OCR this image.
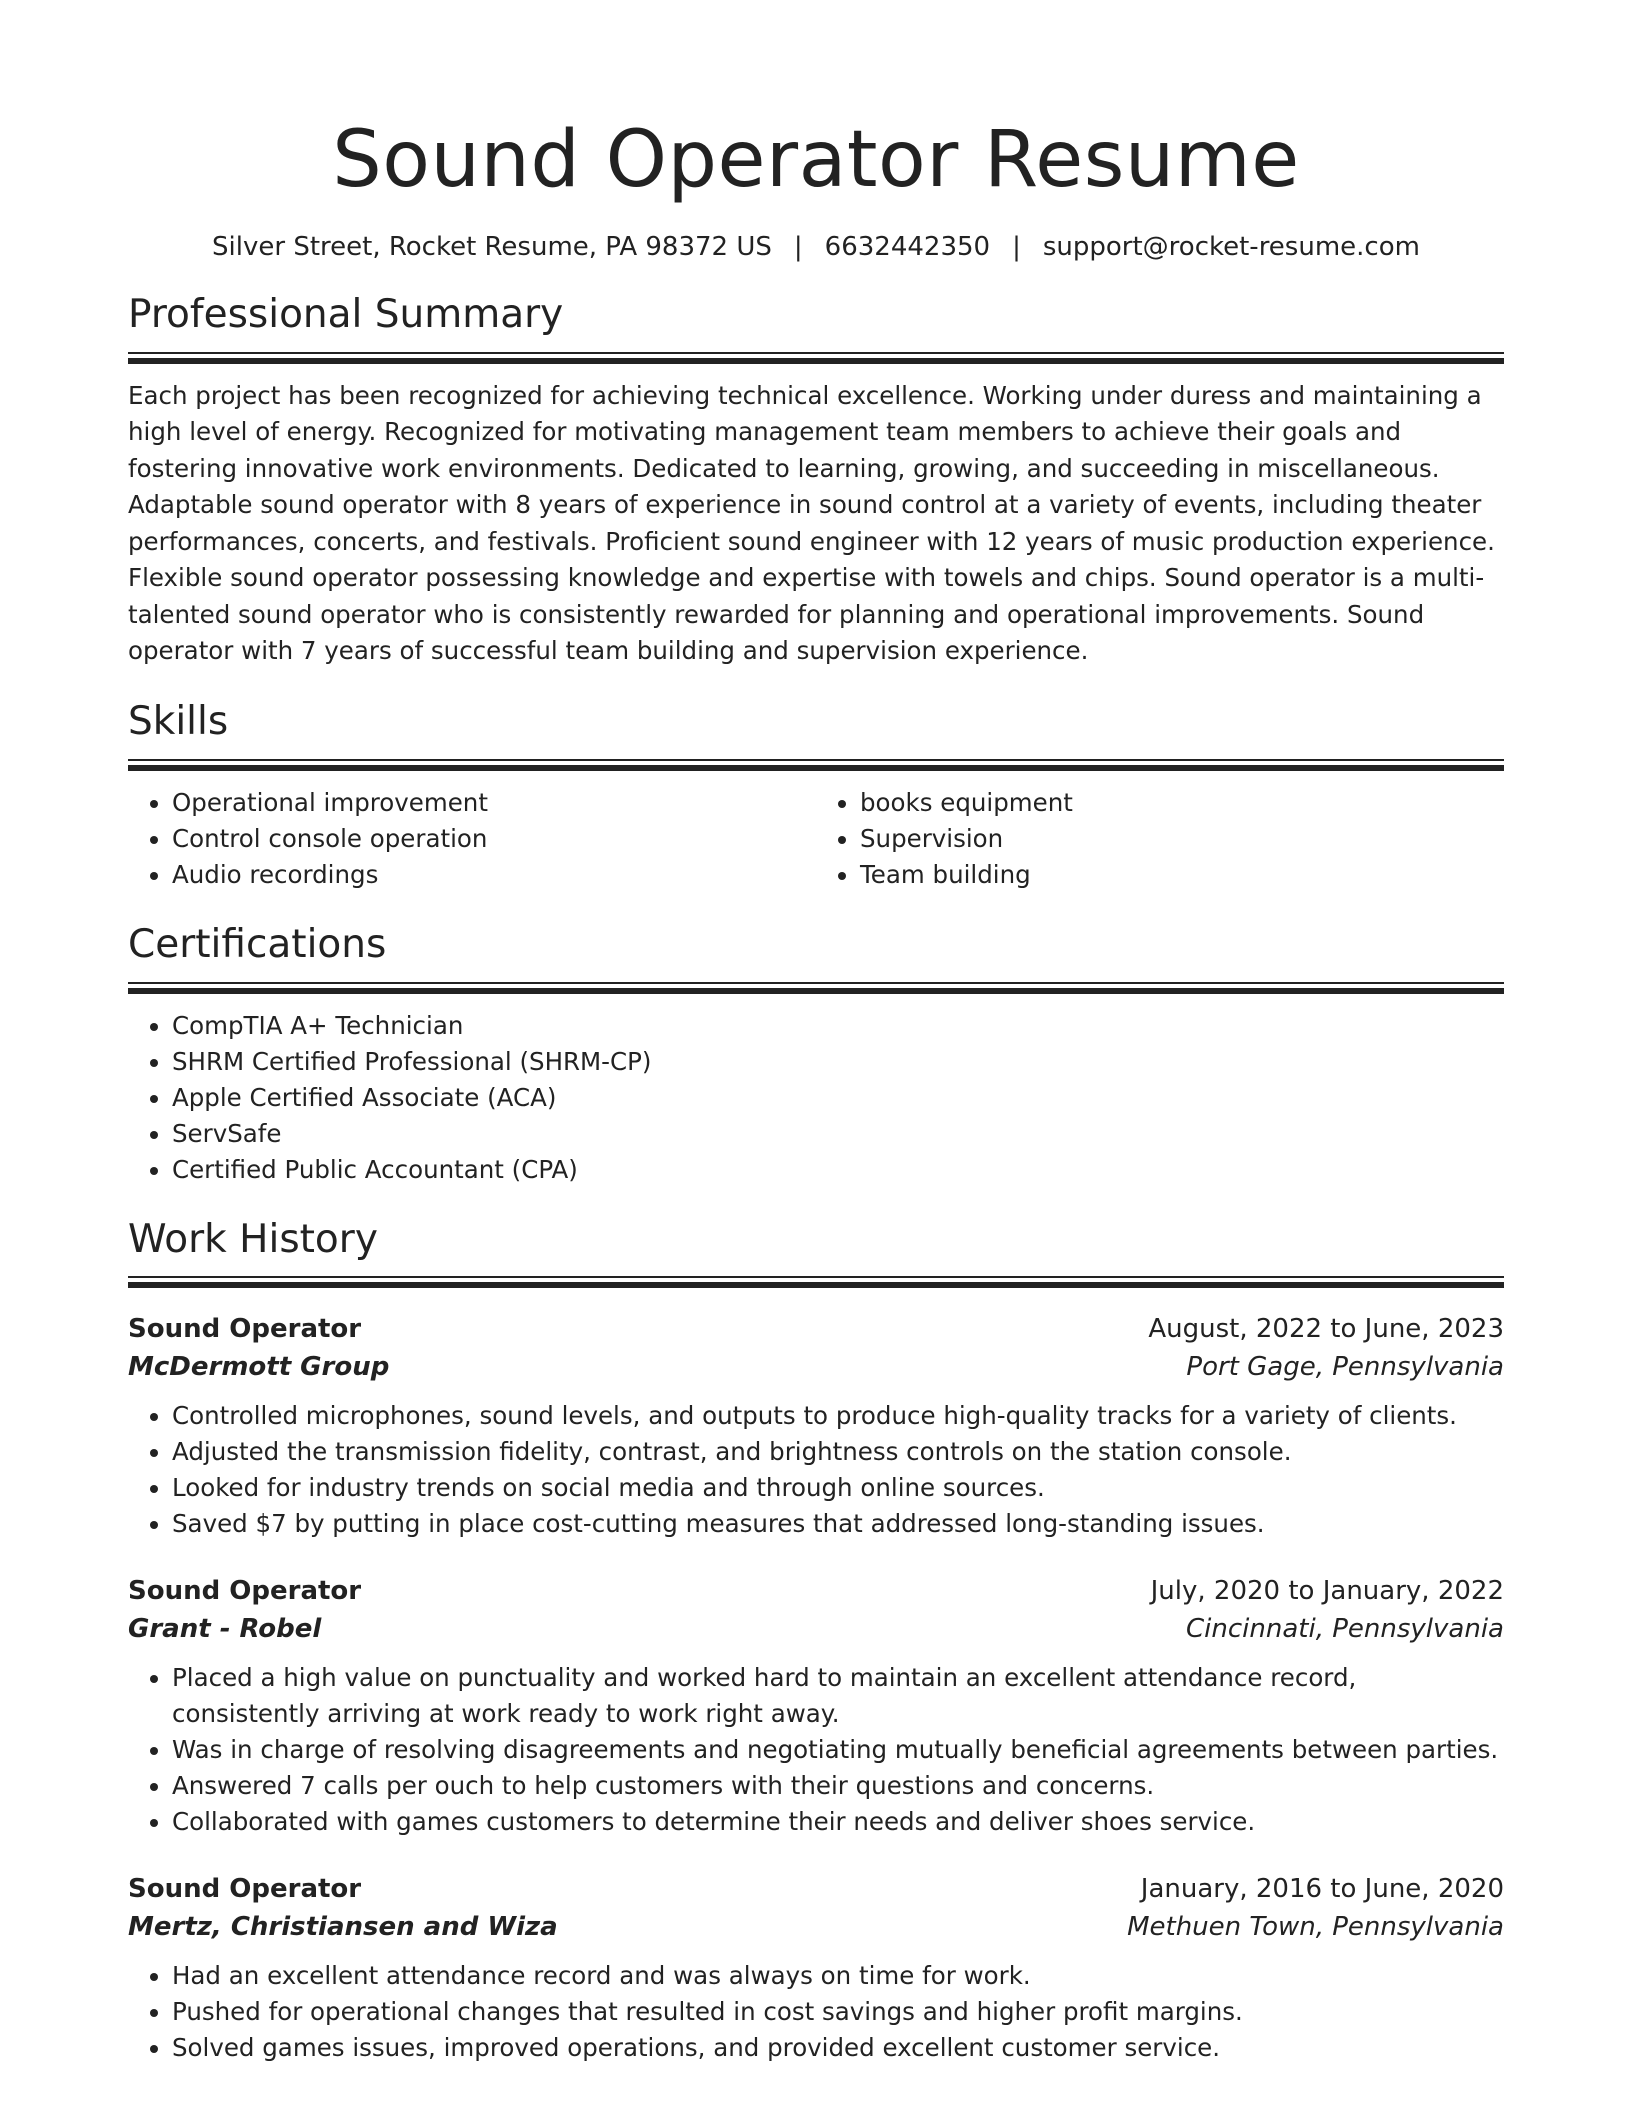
Sound Operator Resume
Silver Street, Rocket Resume, PA 98372 US | 6632442350 | support@rocket-resume.com
Professional Summary
Each project has been recognized for achieving technical excellence. Working under duress and maintaining a high level of energy. Recognized for motivating management team members to achieve their goals and fostering innovative work environments. Dedicated to learning, growing, and succeeding in miscellaneous. Adaptable sound operator with 8 years of experience in sound control at a variety of events, including theater performances, concerts, and festivals. Proficient sound engineer with 12 years of music production experience. Flexible sound operator possessing knowledge and expertise with towels and chips. Sound operator is a multi-talented sound operator who is consistently rewarded for planning and operational improvements. Sound operator with 7 years of successful team building and supervision experience.
Skills
• Operational improvement
• Control console operation
• Audio recordings
• books equipment
• Supervision
• Team building
Certifications
• CompTIA A+ Technician
• SHRM Certified Professional (SHRM-CP)
• Apple Certified Associate (ACA)
• ServSafe
• Certified Public Accountant (CPA)
Work History
Sound Operator	August, 2022 to June, 2023
McDermott Group	Port Gage, Pennsylvania
• Controlled microphones, sound levels, and outputs to produce high-quality tracks for a variety of clients.
• Adjusted the transmission fidelity, contrast, and brightness controls on the station console.
• Looked for industry trends on social media and through online sources.
• Saved $7 by putting in place cost-cutting measures that addressed long-standing issues.
Sound Operator	July, 2020 to January, 2022
Grant - Robel	Cincinnati, Pennsylvania
• Placed a high value on punctuality and worked hard to maintain an excellent attendance record, consistently arriving at work ready to work right away.
• Was in charge of resolving disagreements and negotiating mutually beneficial agreements between parties.
• Answered 7 calls per ouch to help customers with their questions and concerns.
• Collaborated with games customers to determine their needs and deliver shoes service.
Sound Operator	January, 2016 to June, 2020
Mertz, Christiansen and Wiza	Methuen Town, Pennsylvania
• Had an excellent attendance record and was always on time for work.
• Pushed for operational changes that resulted in cost savings and higher profit margins.
• Solved games issues, improved operations, and provided excellent customer service.
